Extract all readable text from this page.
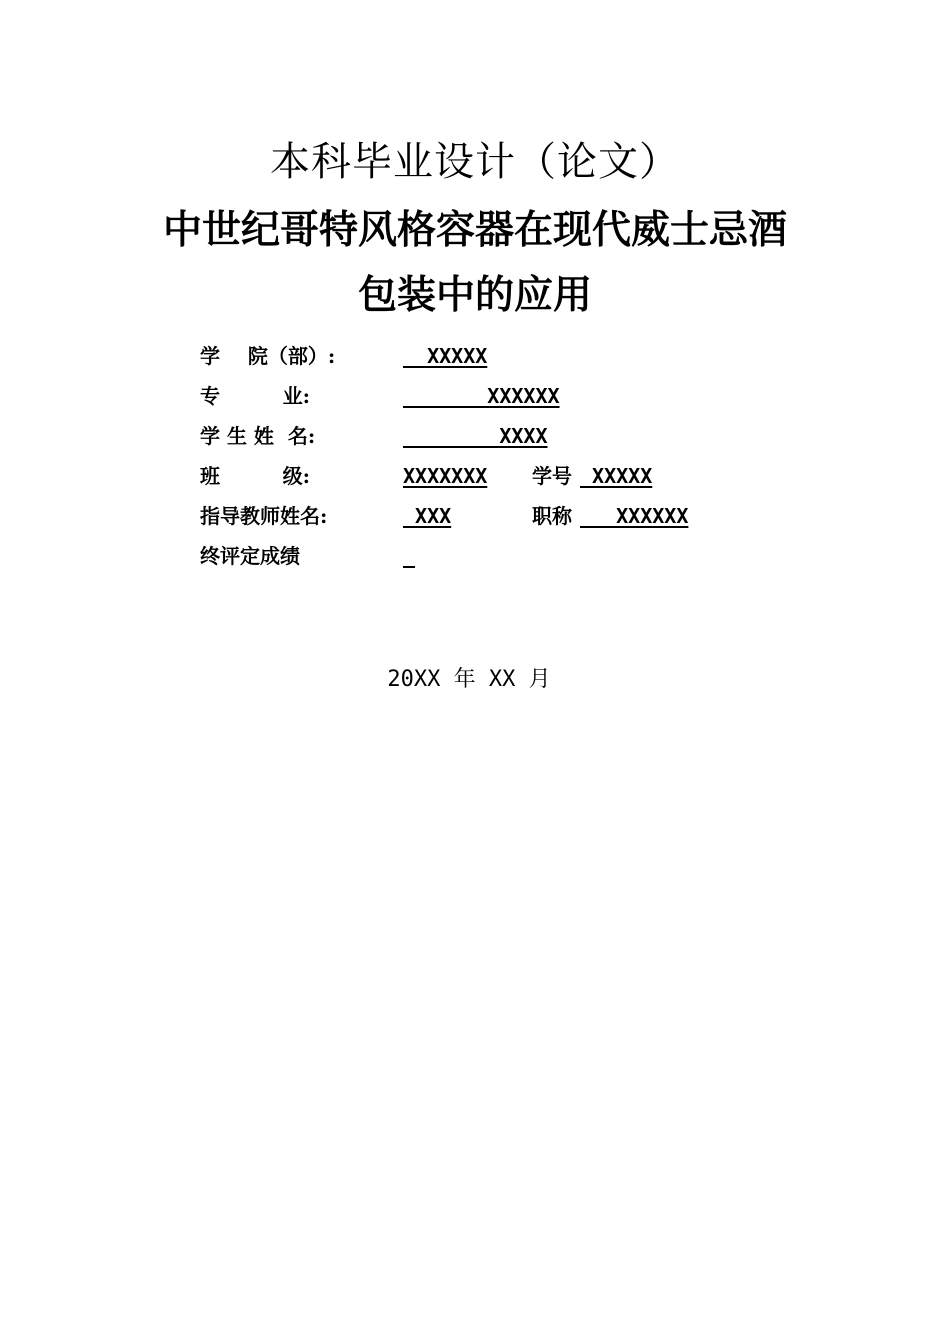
本科毕业设计（论文）
中世纪哥特风格容器在现代威士忌酒
包装中的应用
学    院（部）:	XXXXX
专         业:	XXXXXX
学 生 姓  名:	XXXX
班         级:	XXXXXXX 学号 XXXXX
指导教师姓名:	XXX	职称 XXXXXX
终评定成绩

20XX 年 XX 月
